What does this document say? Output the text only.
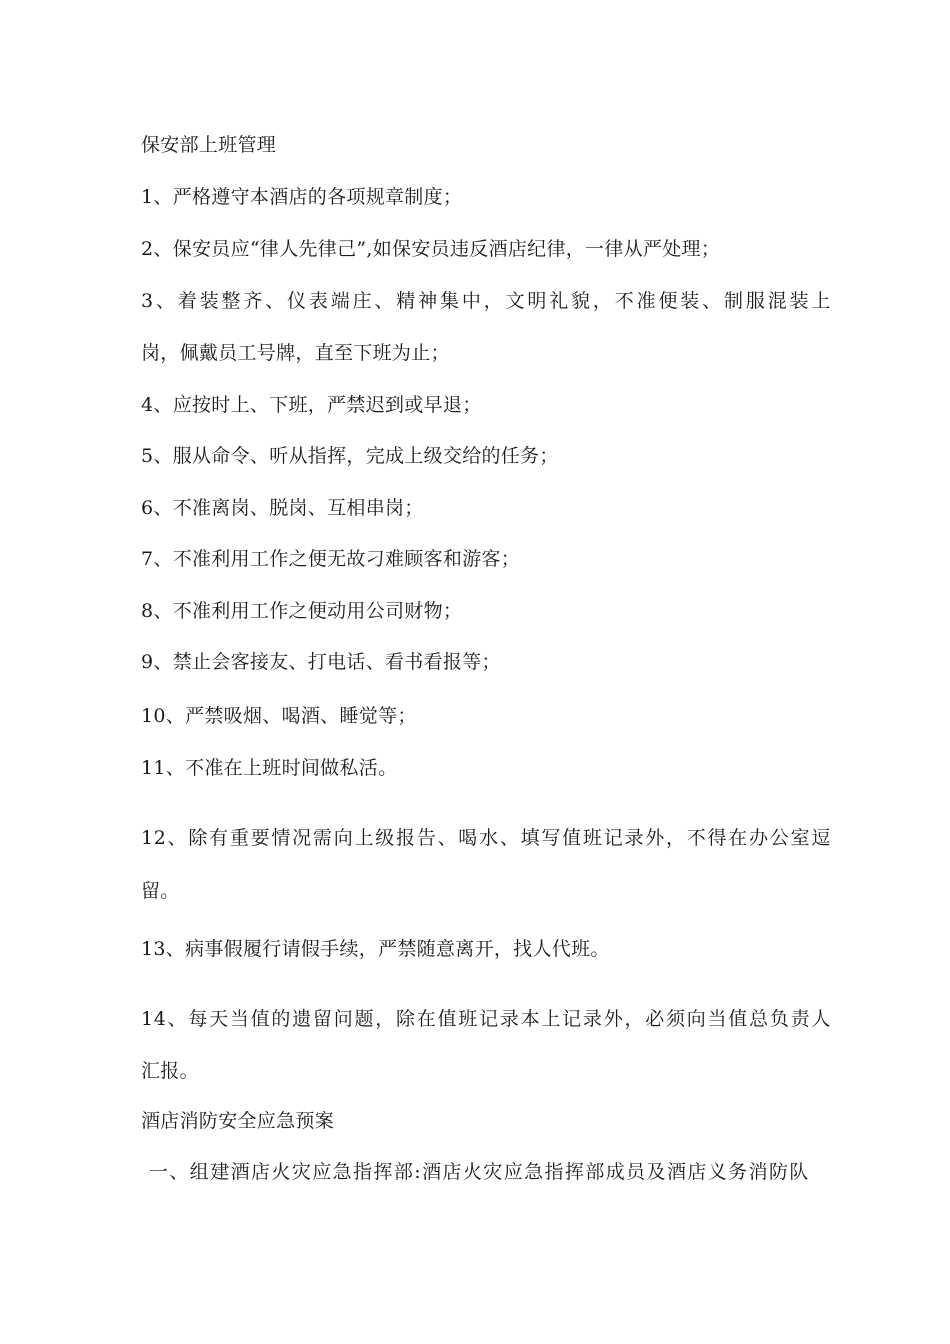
保安部上班管理
1、严格遵守本酒店的各项规章制度；
2、保安员应“律人先律己”,如保安员违反酒店纪律，一律从严处理；
3、着装整齐、仪表端庄、精神集中，文明礼貌，不准便装、制服混装上
岗，佩戴员工号牌，直至下班为止；
4、应按时上、下班，严禁迟到或早退；
5、服从命令、听从指挥，完成上级交给的任务；
6、不准离岗、脱岗、互相串岗；
7、不准利用工作之便无故刁难顾客和游客；
8、不准利用工作之便动用公司财物；
9、禁止会客接友、打电话、看书看报等；
10、严禁吸烟、喝酒、睡觉等；
11、不准在上班时间做私活。
12、除有重要情况需向上级报告、喝水、填写值班记录外，不得在办公室逗
留。
13、病事假履行请假手续，严禁随意离开，找人代班。
14、每天当值的遗留问题，除在值班记录本上记录外，必须向当值总负责人
汇报。
酒店消防安全应急预案
一、组建酒店火灾应急指挥部:酒店火灾应急指挥部成员及酒店义务消防队
